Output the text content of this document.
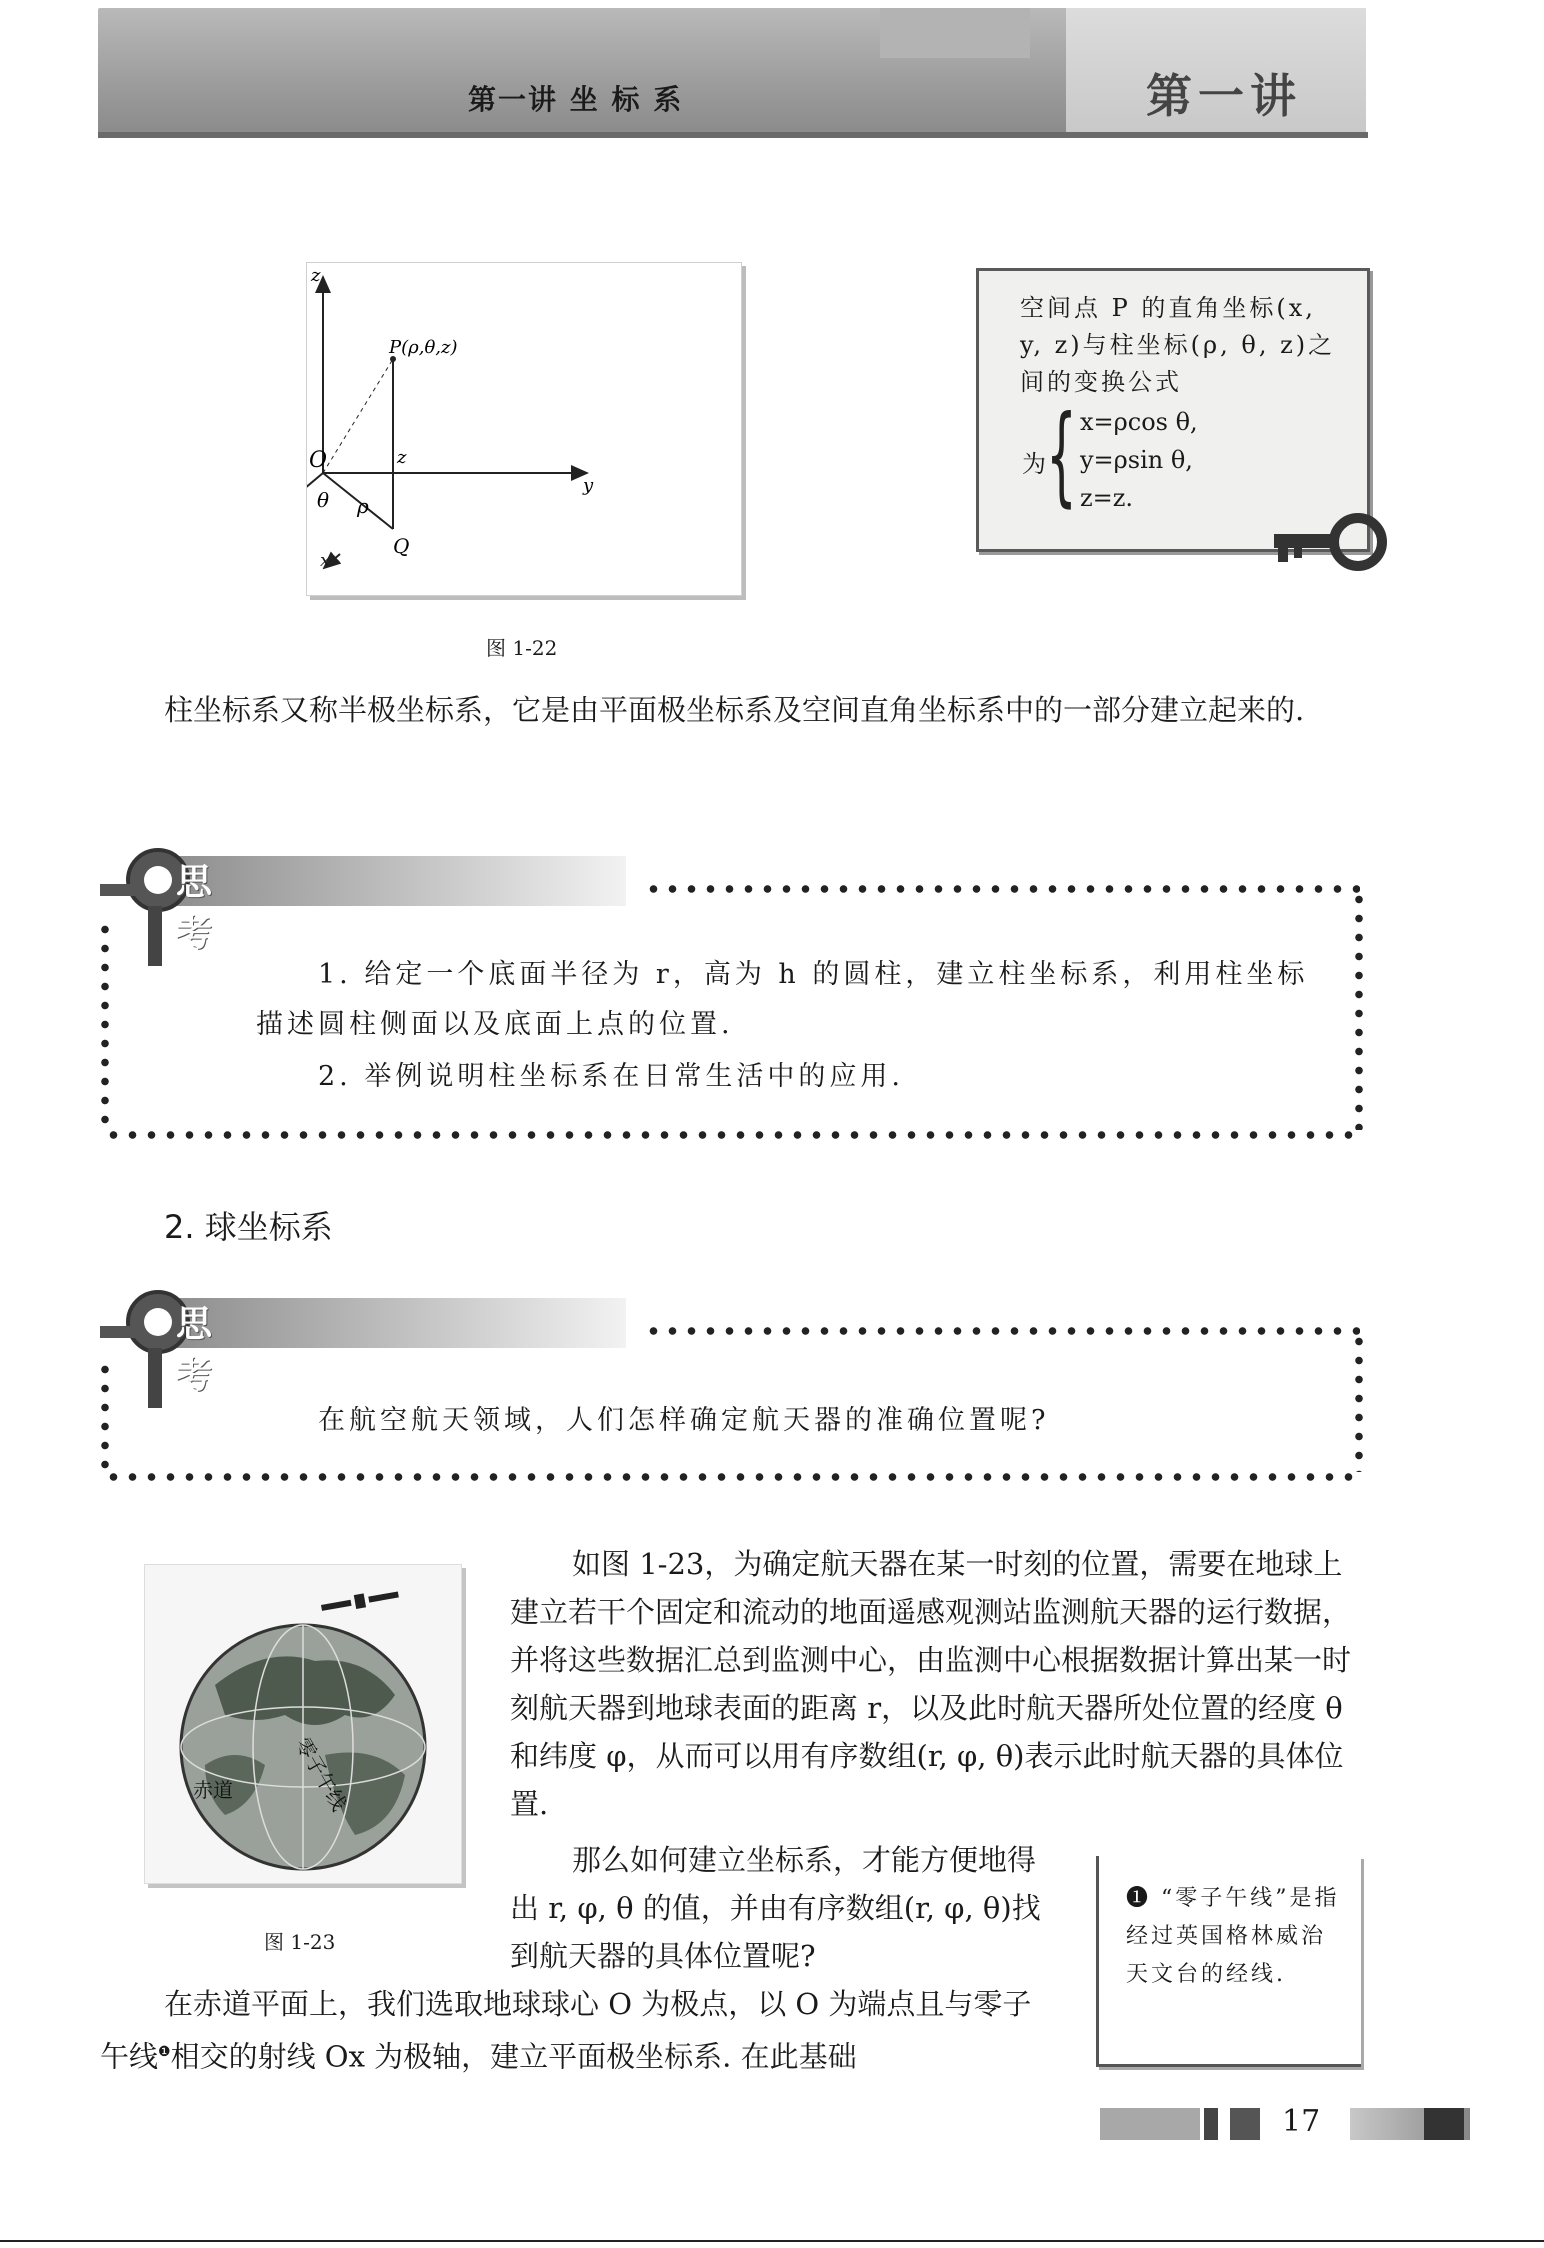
第一讲 坐 标 系	第一讲
z
y
O
P(ρ,θ,z)
z
θ ρ
Q
x
图 1-22
空间点 P 的直角坐标(x, y, z)与柱坐标(ρ, θ, z)之间的变换公式
为 { x=ρcos θ,
y=ρsin θ,
z=z.
柱坐标系又称半极坐标系，它是由平面极坐标系及空间直角坐标系中的一部分建立起来的.
思考
1. 给定一个底面半径为 r，高为 h 的圆柱，建立柱坐标系，利用柱坐标
描述圆柱侧面以及底面上点的位置.
2. 举例说明柱坐标系在日常生活中的应用.
2. 球坐标系
思考
在航空航天领域，人们怎样确定航天器的准确位置呢?
赤道	零子午线
图 1-23
如图 1-23，为确定航天器在某一时刻的位置，需要在地球上建立若干个固定和流动的地面遥感观测站监测航天器的运行数据，并将这些数据汇总到监测中心，由监测中心根据数据计算出某一时刻航天器到地球表面的距离 r，以及此时航天器所处位置的经度 θ 和纬度 φ，从而可以用有序数组(r, φ, θ)表示此时航天器的具体位置.
那么如何建立坐标系，才能方便地得出 r, φ, θ 的值，并由有序数组(r, φ, θ)找到航天器的具体位置呢?
在赤道平面上，我们选取地球球心 O 为极点，以 O 为端点且与零子午线$^❶$相交的射线 Ox 为极轴，建立平面极坐标系. 在此基础
❶ “零子午线”是指经过英国格林威治天文台的经线.
17
